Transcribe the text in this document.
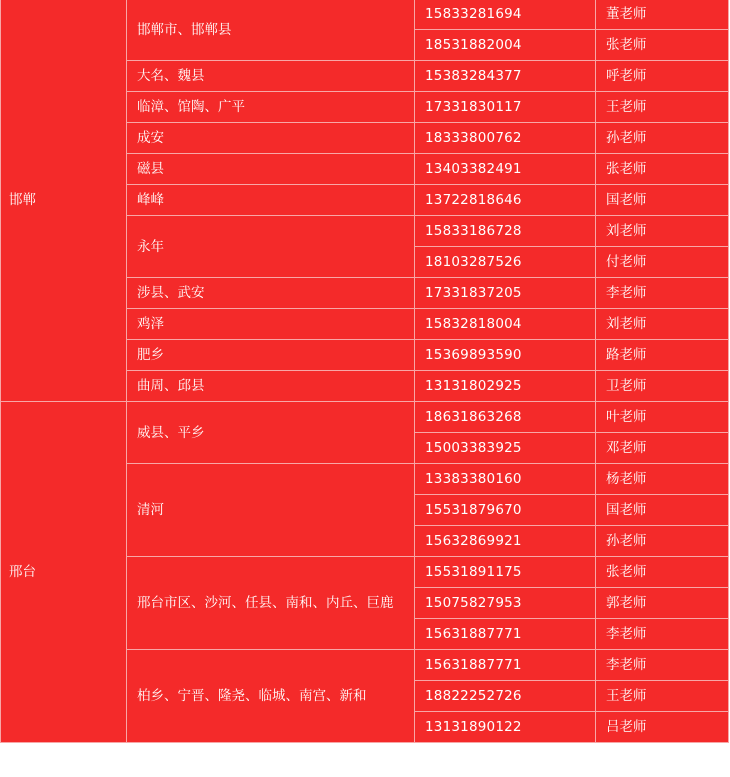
邯郸	邯郸市、邯郸县	15833281694	董老师
		18531882004	张老师
	大名、魏县	15383284377	呼老师
	临漳、馆陶、广平	17331830117	王老师
	成安	18333800762	孙老师
	磁县	13403382491	张老师
	峰峰	13722818646	国老师
	永年	15833186728	刘老师
		18103287526	付老师
	涉县、武安	17331837205	李老师
	鸡泽	15832818004	刘老师
	肥乡	15369893590	路老师
	曲周、邱县	13131802925	卫老师
邢台	威县、平乡	18631863268	叶老师
		15003383925	邓老师
	清河	13383380160	杨老师
		15531879670	国老师
		15632869921	孙老师
	邢台市区、沙河、任县、南和、内丘、巨鹿	15531891175	张老师
		15075827953	郭老师
		15631887771	李老师
	柏乡、宁晋、隆尧、临城、南宫、新和	15631887771	李老师
		18822252726	王老师
		13131890122	吕老师
